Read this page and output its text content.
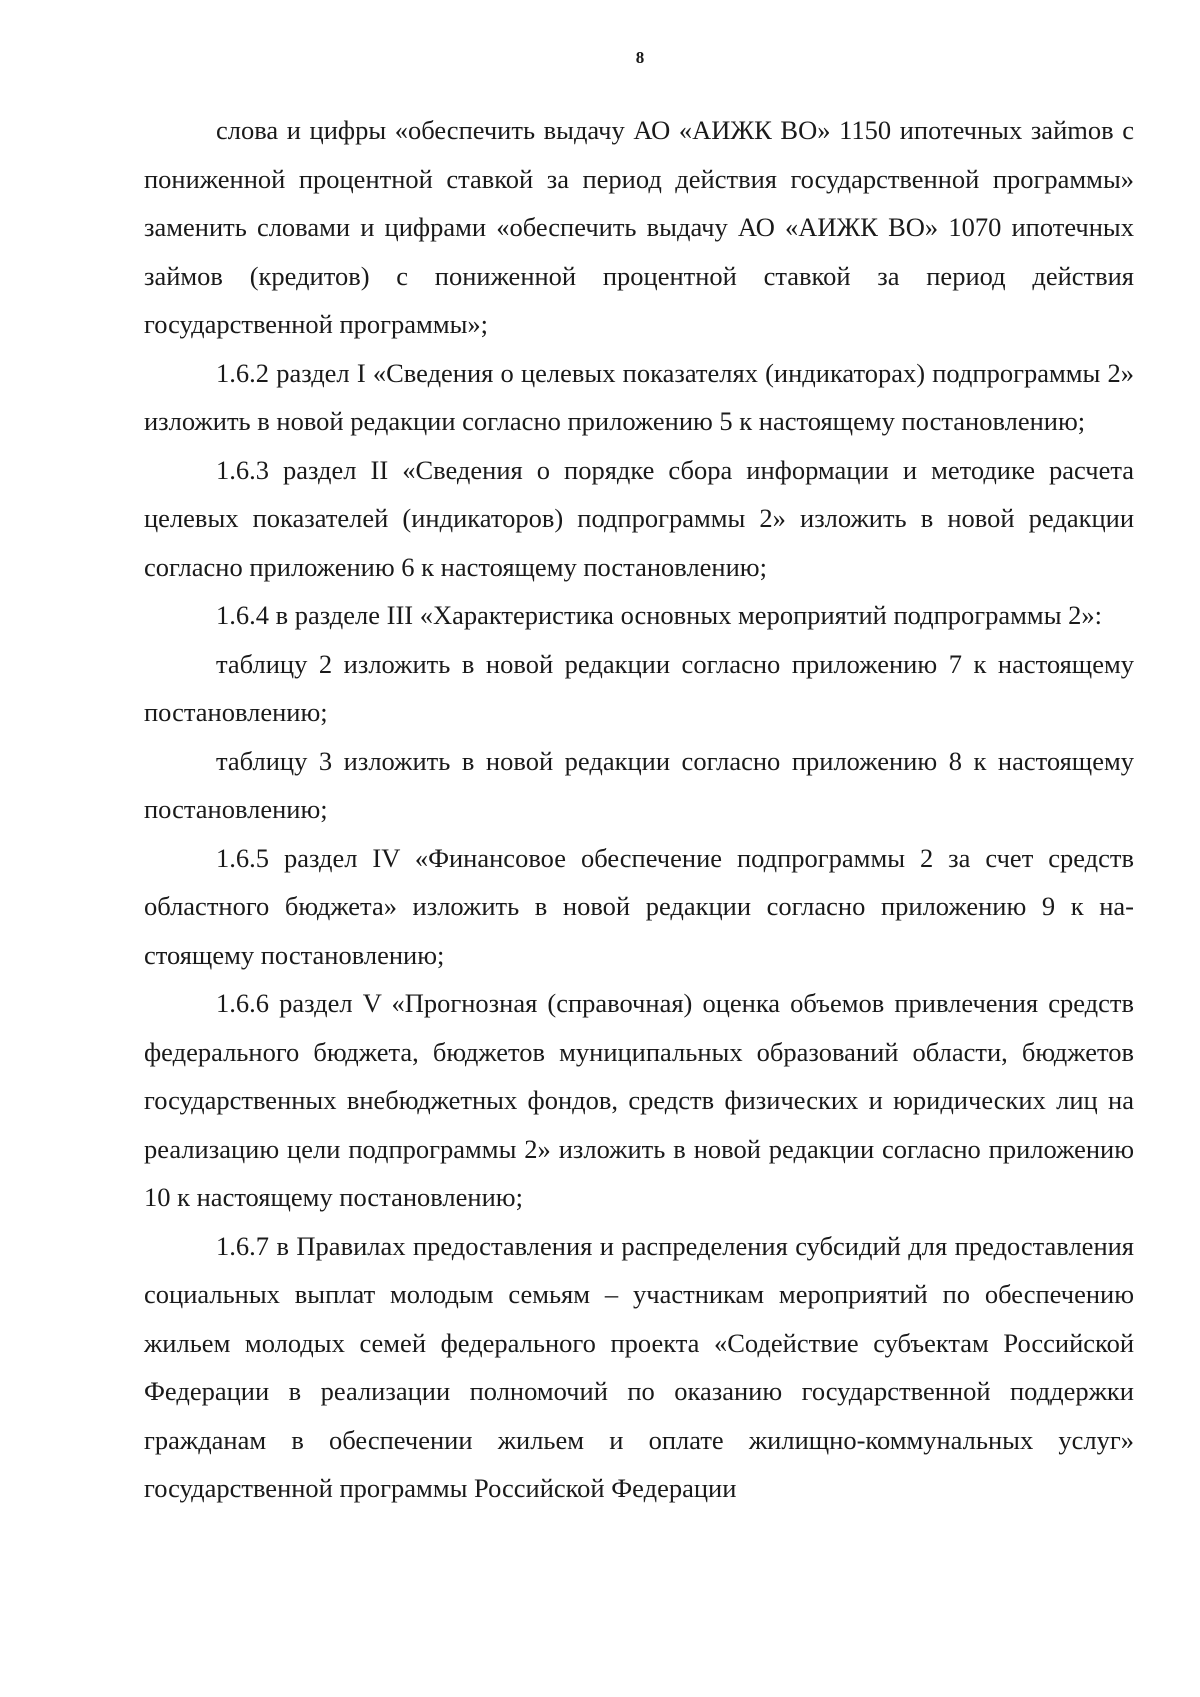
8

слова и цифры «обеспечить выдачу АО «АИЖК ВО» 1150 ипотечных зайmов с пониженной процентной ставкой за период действия государственной программы» заменить словами и цифрами «обеспечить выдачу АО «АИЖК ВО» 1070 ипотечных займов (кредитов) с пониженной процентной ставкой за период действия государственной программы»;

1.6.2 раздел I «Сведения о целевых показателях (индикаторах) подпрограммы 2» изложить в новой редакции согласно приложению 5 к настоящему постановлению;

1.6.3 раздел II «Сведения о порядке сбора информации и методике расчета целевых показателей (индикаторов) подпрограммы 2» изложить в новой редакции согласно приложению 6 к настоящему постановлению;

1.6.4 в разделе III «Характеристика основных мероприятий подпрограммы 2»:

таблицу 2 изложить в новой редакции согласно приложению 7 к настоящему постановлению;

таблицу 3 изложить в новой редакции согласно приложению 8 к настоящему постановлению;

1.6.5 раздел IV «Финансовое обеспечение подпрограммы 2 за счет средств областного бюджета» изложить в новой редакции согласно приложению 9 к настоящему постановлению;

1.6.6 раздел V «Прогнозная (справочная) оценка объемов привлечения средств федерального бюджета, бюджетов муниципальных образований области, бюджетов государственных внебюджетных фондов, средств физических и юридических лиц на реализацию цели подпрограммы 2» изложить в новой редакции согласно приложению 10 к настоящему постановлению;

1.6.7 в Правилах предоставления и распределения субсидий для предоставления социальных выплат молодым семьям – участникам мероприятий по обеспечению жильем молодых семей федерального проекта «Содействие субъектам Российской Федерации в реализации полномочий по оказанию государственной поддержки гражданам в обеспечении жильем и оплате жилищно-коммунальных услуг» государственной программы Российской Федерации
